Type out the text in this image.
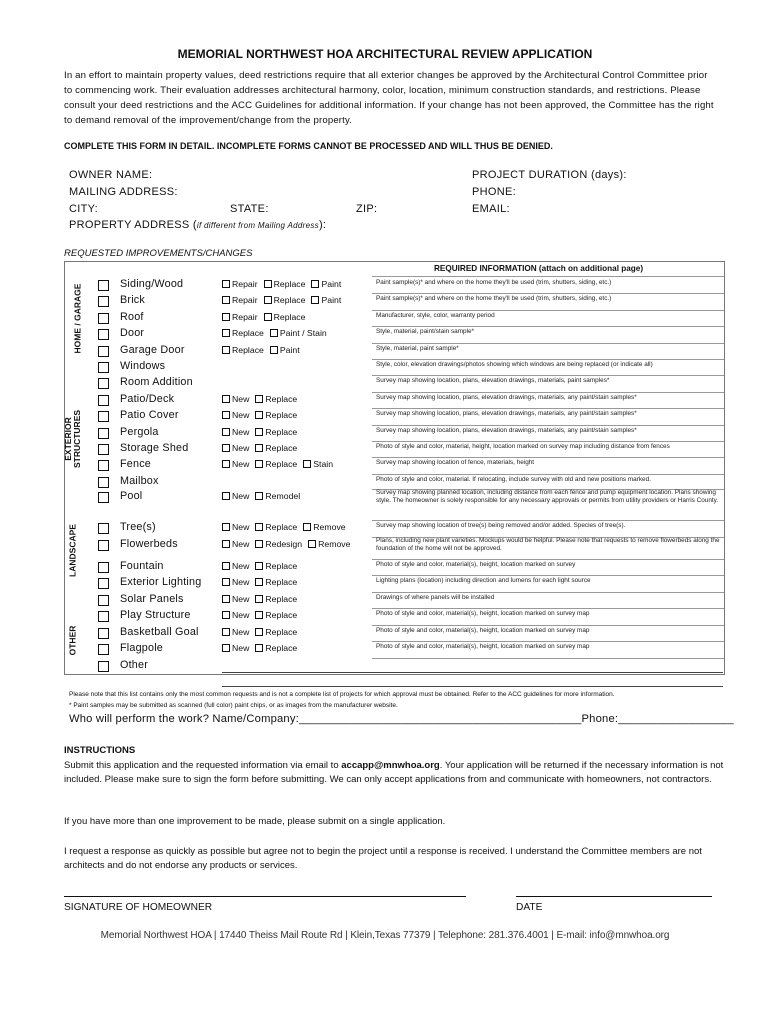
MEMORIAL NORTHWEST HOA ARCHITECTURAL REVIEW APPLICATION
In an effort to maintain property values, deed restrictions require that all exterior changes be approved by the Architectural Control Committee prior to commencing work. Their evaluation addresses architectural harmony, color, location, minimum construction standards, and restrictions. Please consult your deed restrictions and the ACC Guidelines for additional information. If your change has not been approved, the Committee has the right to demand removal of the improvement/change from the property.
COMPLETE THIS FORM IN DETAIL. INCOMPLETE FORMS CANNOT BE PROCESSED AND WILL THUS BE DENIED.
OWNER NAME:
MAILING ADDRESS:
CITY:	STATE:	ZIP:
PROPERTY ADDRESS (if different from Mailing Address):
PROJECT DURATION (days):
PHONE:
EMAIL:
REQUESTED IMPROVEMENTS/CHANGES
REQUIRED INFORMATION (attach on additional page)
HOME / GARAGE
EXTERIOR STRUCTURES
LANDSCAPE
OTHER
Siding/Wood	Repair Replace Paint	Paint sample(s)* and where on the home they'll be used (trim, shutters, siding, etc.)
Brick	Repair Replace Paint	Paint sample(s)* and where on the home they'll be used (trim, shutters, siding, etc.)
Roof	Repair Replace	Manufacturer, style, color, warranty period
Door	Replace Paint / Stain	Style, material, paint/stain sample*
Garage Door	Replace Paint	Style, material, paint sample*
Windows	Style, color, elevation drawings/photos showing which windows are being replaced (or indicate all)
Room Addition	Survey map showing location, plans, elevation drawings, materials, paint samples*
Patio/Deck	New Replace	Survey map showing location, plans, elevation drawings, materials, any paint/stain samples*
Patio Cover	New Replace	Survey map showing location, plans, elevation drawings, materials, any paint/stain samples*
Pergola	New Replace	Survey map showing location, plans, elevation drawings, materials, any paint/stain samples*
Storage Shed	New Replace	Photo of style and color, material, height, location marked on survey map including distance from fences
Fence	New Replace Stain	Survey map showing location of fence, materials, height
Mailbox	Photo of style and color, material. If relocating, include survey with old and new positions marked.
Pool	New Remodel	Survey map showing planned location, including distance from each fence and pump equipment location. Plans showing style. The homeowner is solely responsible for any necessary approvals or permits from utility providers or Harris County.
Tree(s)	New Replace Remove	Survey map showing location of tree(s) being removed and/or added. Species of tree(s).
Flowerbeds	New Redesign Remove	Plans, including new plant varieties. Mockups would be helpful. Please note that requests to remove flowerbeds along the foundation of the home will not be approved.
Fountain	New Replace	Photo of style and color, material(s), height, location marked on survey
Exterior Lighting	New Replace	Lighting plans (location) including direction and lumens for each light source
Solar Panels	New Replace	Drawings of where panels will be installed
Play Structure	New Replace	Photo of style and color, material(s), height, location marked on survey map
Basketball Goal	New Replace	Photo of style and color, material(s), height, location marked on survey map
Flagpole	New Replace	Photo of style and color, material(s), height, location marked on survey map
Other
Please note that this list contains only the most common requests and is not a complete list of projects for which approval must be obtained. Refer to the ACC guidelines for more information.
* Paint samples may be submitted as scanned (full color) paint chips, or as images from the manufacturer website.
Who will perform the work? Name/Company:____________________________________________Phone:__________________
INSTRUCTIONS
Submit this application and the requested information via email to accapp@mnwhoa.org. Your application will be returned if the necessary information is not included. Please make sure to sign the form before submitting. We can only accept applications from and communicate with homeowners, not contractors.
If you have more than one improvement to be made, please submit on a single application.
I request a response as quickly as possible but agree not to begin the project until a response is received. I understand the Committee members are not architects and do not endorse any products or services.
SIGNATURE OF HOMEOWNER	DATE
Memorial Northwest HOA | 17440 Theiss Mail Route Rd | Klein,Texas 77379 | Telephone: 281.376.4001 | E-mail: info@mnwhoa.org
